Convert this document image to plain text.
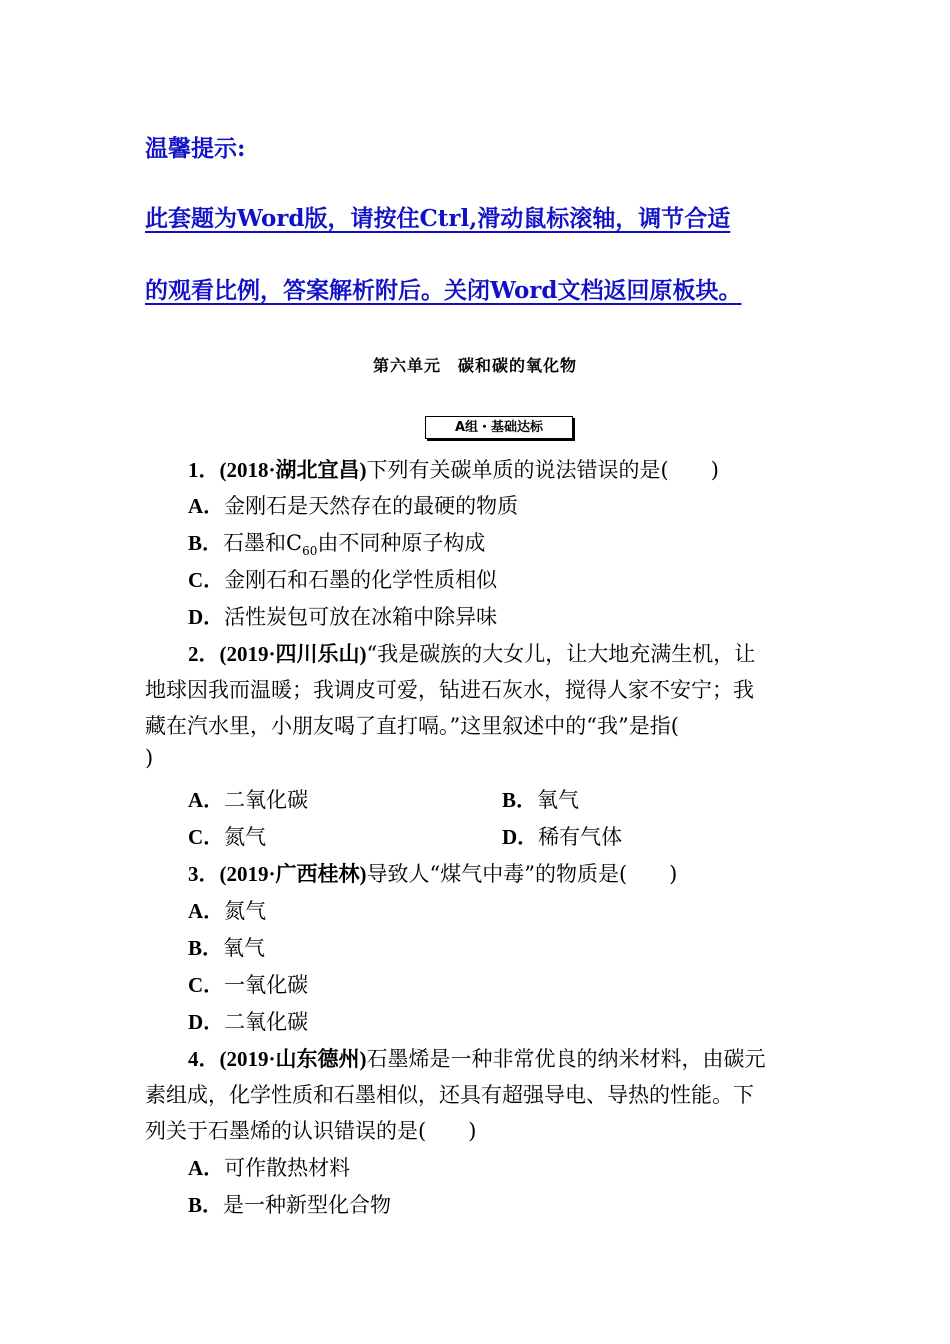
温馨提示:
此套题为Word版，请按住Ctrl,滑动鼠标滚轴，调节合适
的观看比例，答案解析附后。关闭Word文档返回原板块。
第六单元　碳和碳的氧化物
A组・基础达标
1．(2018·湖北宜昌)下列有关碳单质的说法错误的是(　　)
A．金刚石是天然存在的最硬的物质
B．石墨和$C_{60}$由不同种原子构成
C．金刚石和石墨的化学性质相似
D．活性炭包可放在冰箱中除异味
2．(2019·四川乐山)“我是碳族的大女儿，让大地充满生机，让
地球因我而温暖；我调皮可爱，钻进石灰水，搅得人家不安宁；我
藏在汽水里，小朋友喝了直打嗝。”这里叙述中的“我”是指(
)
A．二氧化碳	B．氧气
C．氮气	D．稀有气体
3．(2019·广西桂林)导致人“煤气中毒”的物质是(　　)
A．氮气
B．氧气
C．一氧化碳
D．二氧化碳
4．(2019·山东德州)石墨烯是一种非常优良的纳米材料，由碳元
素组成，化学性质和石墨相似，还具有超强导电、导热的性能。下
列关于石墨烯的认识错误的是(　　)
A．可作散热材料
B．是一种新型化合物
